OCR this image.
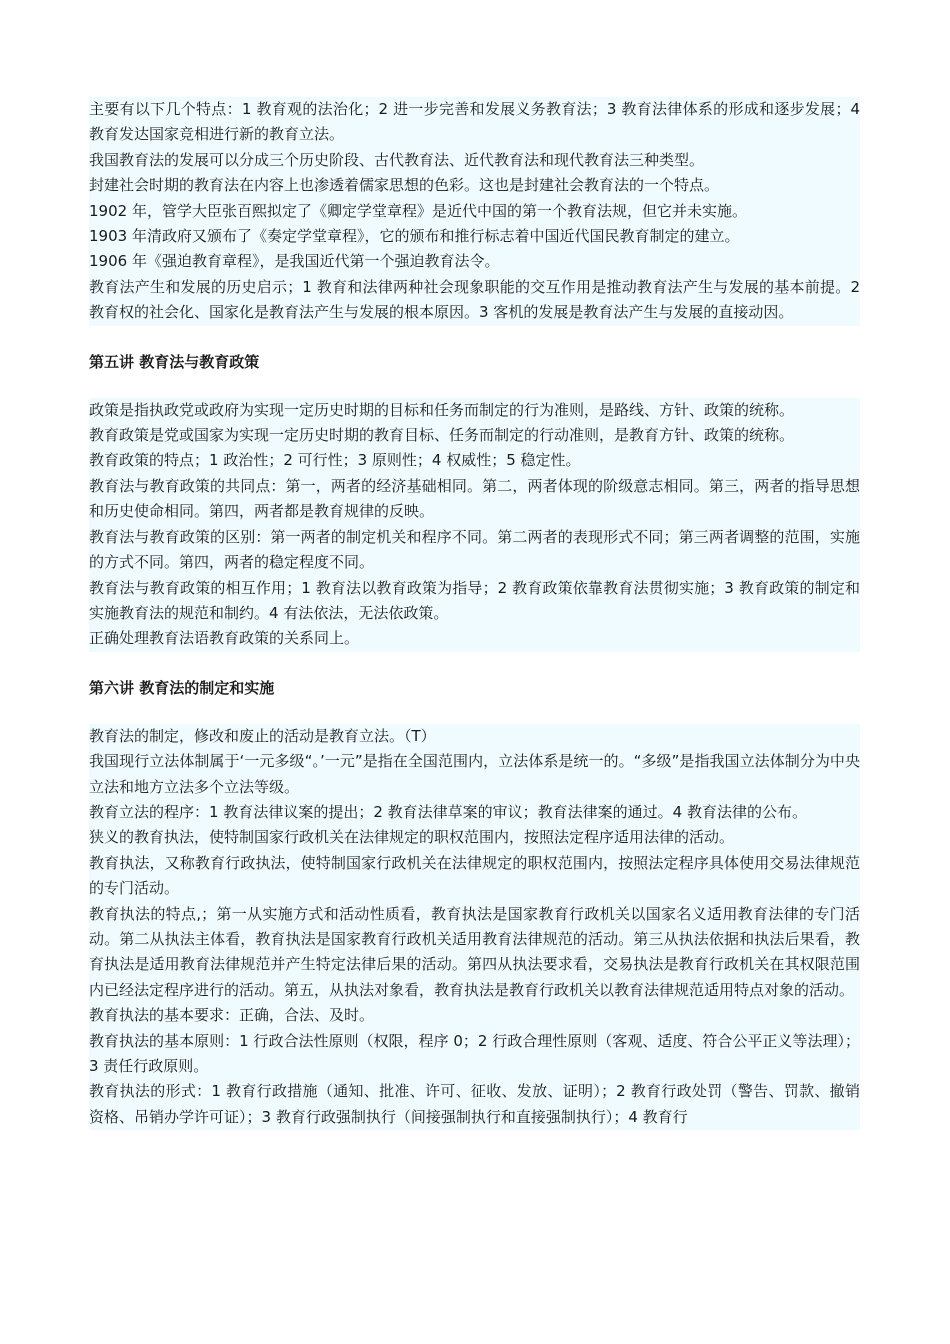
主要有以下几个特点：1 教育观的法治化；2 进一步完善和发展义务教育法；3 教育法律体系的形成和逐步发展；4 教育发达国家竞相进行新的教育立法。

我国教育法的发展可以分成三个历史阶段、古代教育法、近代教育法和现代教育法三种类型。

封建社会时期的教育法在内容上也渗透着儒家思想的色彩。这也是封建社会教育法的一个特点。

1902 年，管学大臣张百熙拟定了《卿定学堂章程》是近代中国的第一个教育法规，但它并未实施。

1903 年清政府又颁布了《奏定学堂章程》，它的颁布和推行标志着中国近代国民教育制定的建立。

1906 年《强迫教育章程》，是我国近代第一个强迫教育法令。

教育法产生和发展的历史启示；1 教育和法律两种社会现象职能的交互作用是推动教育法产生与发展的基本前提。2 教育权的社会化、国家化是教育法产生与发展的根本原因。3 客机的发展是教育法产生与发展的直接动因。

第五讲 教育法与教育政策

政策是指执政党或政府为实现一定历史时期的目标和任务而制定的行为准则，是路线、方针、政策的统称。

教育政策是党或国家为实现一定历史时期的教育目标、任务而制定的行动准则，是教育方针、政策的统称。

教育政策的特点；1 政治性；2 可行性；3 原则性；4 权威性；5 稳定性。

教育法与教育政策的共同点：第一，两者的经济基础相同。第二，两者体现的阶级意志相同。第三，两者的指导思想和历史使命相同。第四，两者都是教育规律的反映。

教育法与教育政策的区别：第一两者的制定机关和程序不同。第二两者的表现形式不同；第三两者调整的范围，实施的方式不同。第四，两者的稳定程度不同。

教育法与教育政策的相互作用；1 教育法以教育政策为指导；2 教育政策依靠教育法贯彻实施；3 教育政策的制定和实施教育法的规范和制约。4 有法依法，无法依政策。

正确处理教育法语教育政策的关系同上。

第六讲 教育法的制定和实施

教育法的制定，修改和废止的活动是教育立法。（T）

我国现行立法体制属于‘一元多级“。’一元”是指在全国范围内，立法体系是统一的。“多级”是指我国立法体制分为中央立法和地方立法多个立法等级。

教育立法的程序：1 教育法律议案的提出；2 教育法律草案的审议；教育法律案的通过。4 教育法律的公布。

狭义的教育执法，使特制国家行政机关在法律规定的职权范围内，按照法定程序适用法律的活动。

教育执法，又称教育行政执法，使特制国家行政机关在法律规定的职权范围内，按照法定程序具体使用交易法律规范的专门活动。

教育执法的特点,；第一从实施方式和活动性质看，教育执法是国家教育行政机关以国家名义适用教育法律的专门活动。第二从执法主体看，教育执法是国家教育行政机关适用教育法律规范的活动。第三从执法依据和执法后果看，教育执法是适用教育法律规范并产生特定法律后果的活动。第四从执法要求看，交易执法是教育行政机关在其权限范围内已经法定程序进行的活动。第五，从执法对象看，教育执法是教育行政机关以教育法律规范适用特点对象的活动。

教育执法的基本要求：正确，合法、及时。

教育执法的基本原则：1 行政合法性原则（权限，程序 0；2 行政合理性原则（客观、适度、符合公平正义等法理）；3 责任行政原则。

教育执法的形式：1 教育行政措施（通知、批准、许可、征收、发放、证明）；2 教育行政处罚（警告、罚款、撤销资格、吊销办学许可证）；3 教育行政强制执行（间接强制执行和直接强制执行）；4 教育行
